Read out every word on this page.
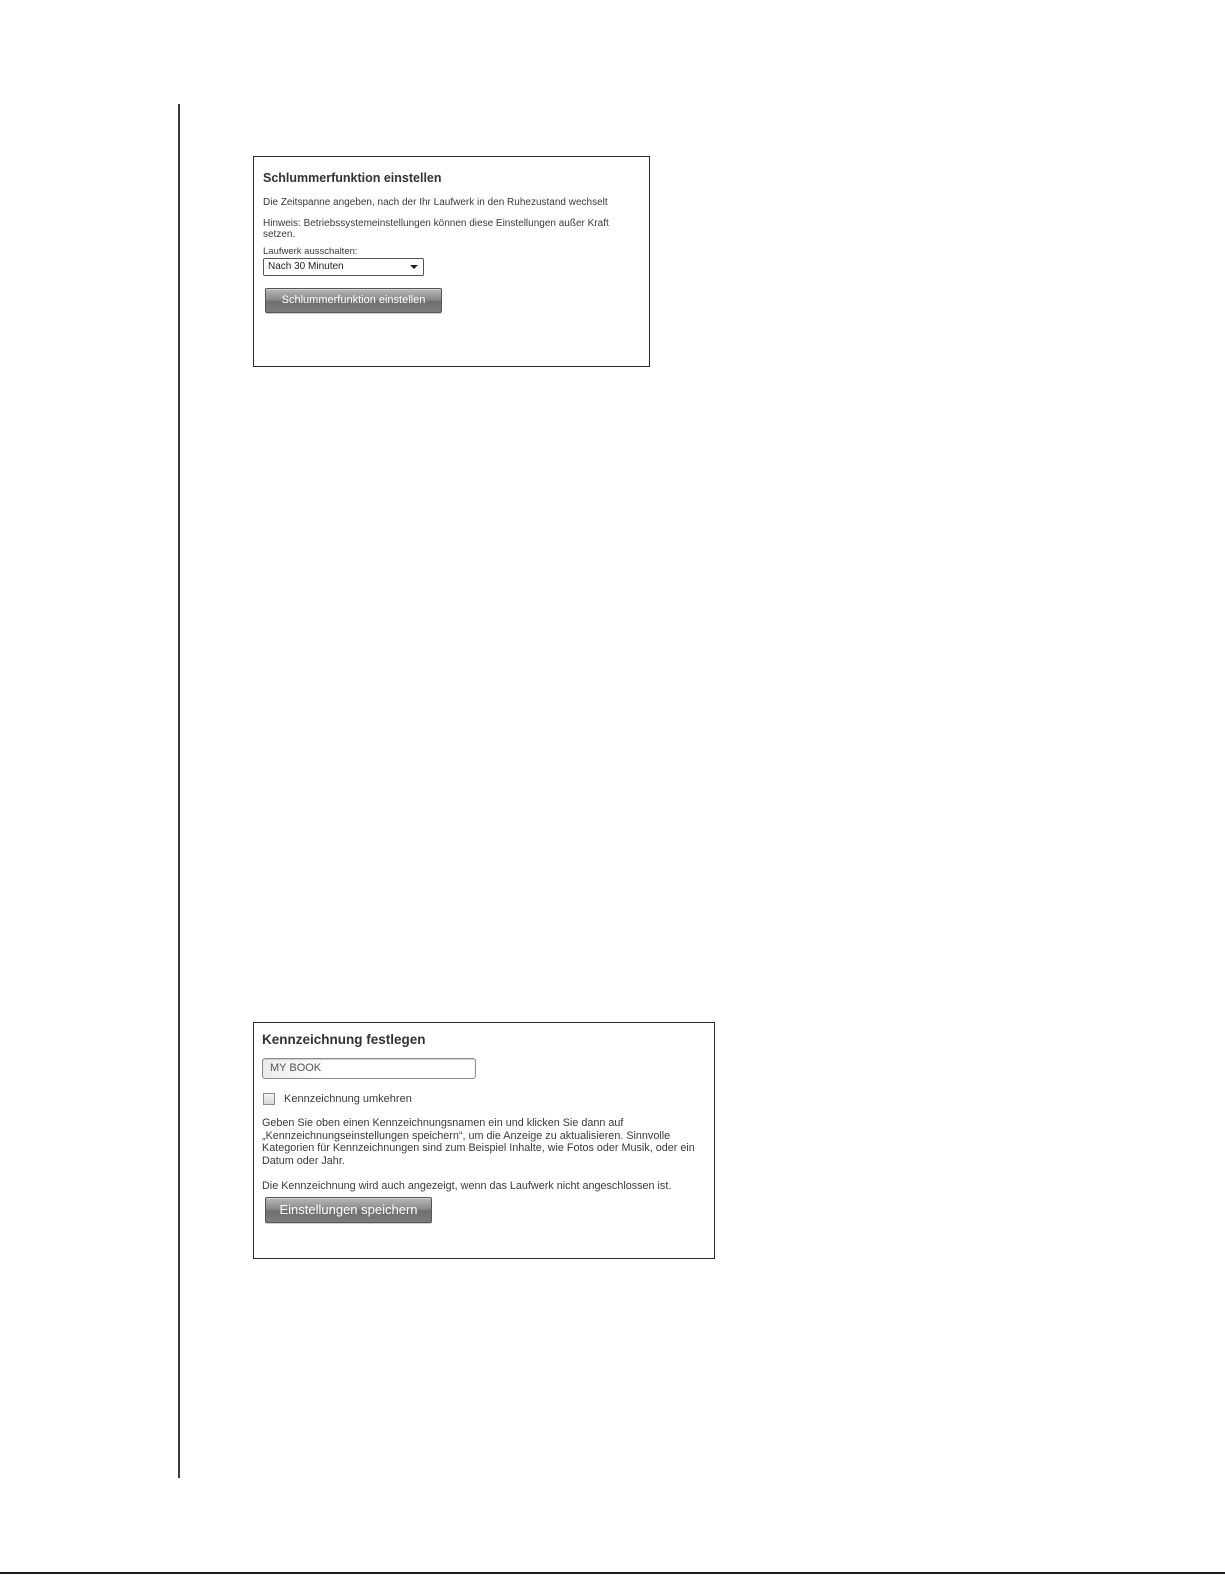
Schlummerfunktion einstellen
Die Zeitspanne angeben, nach der Ihr Laufwerk in den Ruhezustand wechselt
Hinweis: Betriebssystemeinstellungen können diese Einstellungen außer Kraft setzen.
Laufwerk ausschalten:
Nach 30 Minuten
Schlummerfunktion einstellen
Kennzeichnung festlegen
MY BOOK
Kennzeichnung umkehren
Geben Sie oben einen Kennzeichnungsnamen ein und klicken Sie dann auf „Kennzeichnungseinstellungen speichern“, um die Anzeige zu aktualisieren. Sinnvolle Kategorien für Kennzeichnungen sind zum Beispiel Inhalte, wie Fotos oder Musik, oder ein Datum oder Jahr.
Die Kennzeichnung wird auch angezeigt, wenn das Laufwerk nicht angeschlossen ist.
Einstellungen speichern
